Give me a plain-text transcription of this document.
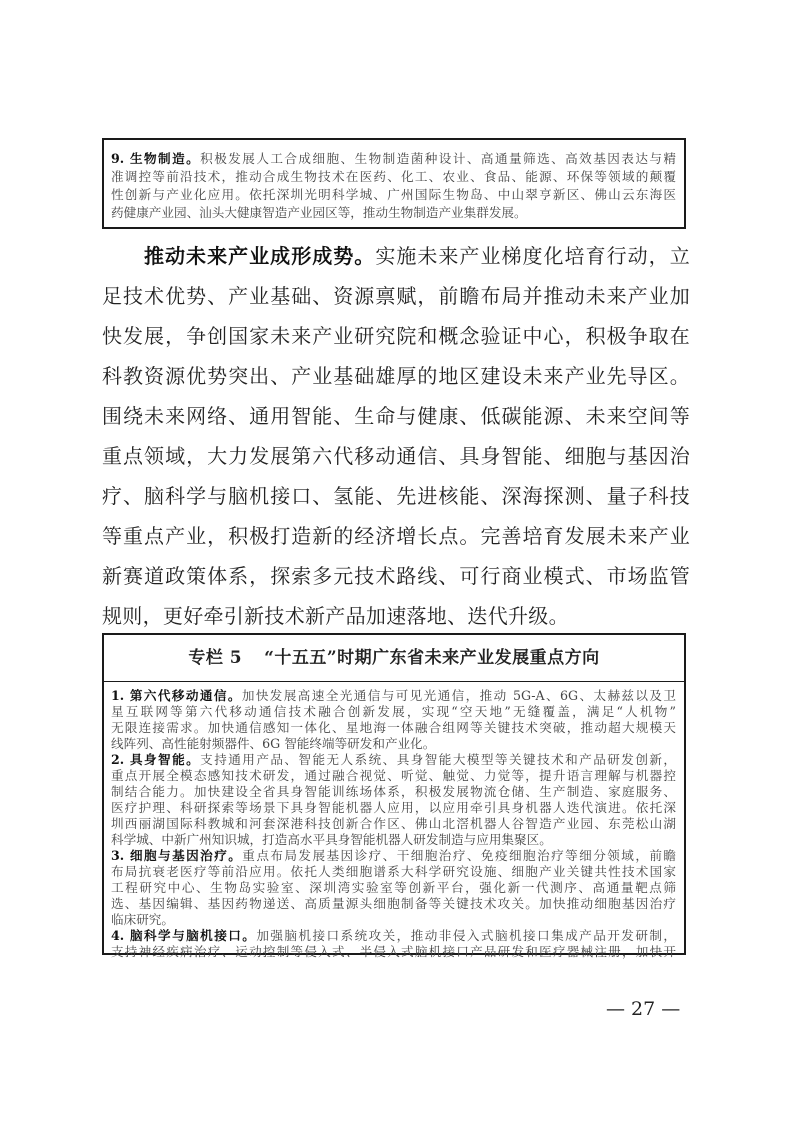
9. 生物制造。积极发展人工合成细胞、生物制造菌种设计、高通量筛选、高效基因表达与精
准调控等前沿技术，推动合成生物技术在医药、化工、农业、食品、能源、环保等领域的颠覆
性创新与产业化应用。依托深圳光明科学城、广州国际生物岛、中山翠亨新区、佛山云东海医
药健康产业园、汕头大健康智造产业园区等，推动生物制造产业集群发展。
推动未来产业成形成势。实施未来产业梯度化培育行动，立
足技术优势、产业基础、资源禀赋，前瞻布局并推动未来产业加
快发展，争创国家未来产业研究院和概念验证中心，积极争取在
科教资源优势突出、产业基础雄厚的地区建设未来产业先导区。
围绕未来网络、通用智能、生命与健康、低碳能源、未来空间等
重点领域，大力发展第六代移动通信、具身智能、细胞与基因治
疗、脑科学与脑机接口、氢能、先进核能、深海探测、量子科技
等重点产业，积极打造新的经济增长点。完善培育发展未来产业
新赛道政策体系，探索多元技术路线、可行商业模式、市场监管
规则，更好牵引新技术新产品加速落地、迭代升级。
专栏 5 “十五五”时期广东省未来产业发展重点方向
1. 第六代移动通信。加快发展高速全光通信与可见光通信，推动 5G-A、6G、太赫兹以及卫
星互联网等第六代移动通信技术融合创新发展，实现“空天地”无缝覆盖，满足“人机物”
无限连接需求。加快通信感知一体化、星地海一体融合组网等关键技术突破，推动超大规模天
线阵列、高性能射频器件、6G 智能终端等研发和产业化。
2. 具身智能。支持通用产品、智能无人系统、具身智能大模型等关键技术和产品研发创新，
重点开展全模态感知技术研发，通过融合视觉、听觉、触觉、力觉等，提升语言理解与机器控
制结合能力。加快建设全省具身智能训练场体系，积极发展物流仓储、生产制造、家庭服务、
医疗护理、科研探索等场景下具身智能机器人应用，以应用牵引具身机器人迭代演进。依托深
圳西丽湖国际科教城和河套深港科技创新合作区、佛山北滘机器人谷智造产业园、东莞松山湖
科学城、中新广州知识城，打造高水平具身智能机器人研发制造与应用集聚区。
3. 细胞与基因治疗。重点布局发展基因诊疗、干细胞治疗、免疫细胞治疗等细分领域，前瞻
布局抗衰老医疗等前沿应用。依托人类细胞谱系大科学研究设施、细胞产业关键共性技术国家
工程研究中心、生物岛实验室、深圳湾实验室等创新平台，强化新一代测序、高通量靶点筛
选、基因编辑、基因药物递送、高质量源头细胞制备等关键技术攻关。加快推动细胞基因治疗
临床研究。
4. 脑科学与脑机接口。加强脑机接口系统攻关，推动非侵入式脑机接口集成产品开发研制，
支持神经疾病治疗、运动控制等侵入式、半侵入式脑机接口产品研发和医疗器械注册，加快开
— 27 —
